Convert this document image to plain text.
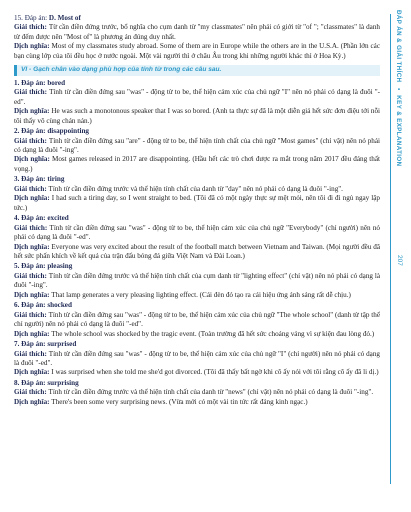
ĐÁP ÁN & GIẢI THÍCH • KEY & EXPLANATION
207

15. Đáp án: D. Most of

Giải thích: Từ cần điền đứng trước, bổ nghĩa cho cụm danh từ "my classmates" nên phải có giới từ "of "; "classmates" là danh từ đếm được nên "Most of" là phương án đúng duy nhất.

Dịch nghĩa: Most of my classmates study abroad. Some of them are in Europe while the others are in the U.S.A. (Phần lớn các bạn cùng lớp của tôi đều học ở nước ngoài. Một vài người thì ở châu Âu trong khi những người khác thì ở Hoa Kỳ.)

VI - Gạch chân vào dạng phù hợp của tính từ trong các câu sau.

1. Đáp án: bored

Giải thích: Tính từ cần điền đứng sau "was" - động từ to be, thể hiện cảm xúc của chủ ngữ "I" nên nó phải có dạng là đuôi "-ed".

Dịch nghĩa: He was such a monotonous speaker that I was so bored. (Anh ta thực sự đã là một diễn giả hết sức đơn điệu tới nỗi tôi thấy vô cùng chán nản.)

2. Đáp án: disappointing

Giải thích: Tính từ cần điền đứng sau "are" - động từ to be, thể hiện tính chất của chủ ngữ "Most games" (chỉ vật) nên nó phải có dạng là đuôi "-ing".

Dịch nghĩa: Most games released in 2017 are disappointing. (Hầu hết các trò chơi được ra mắt trong năm 2017 đều đáng thất vọng.)

3. Đáp án: tiring

Giải thích: Tính từ cần điền đứng trước và thể hiện tính chất của danh từ "day" nên nó phải có dạng là đuôi "-ing".

Dịch nghĩa: I had such a tiring day, so I went straight to bed. (Tôi đã có một ngày thực sự mệt mỏi, nên tôi đi đi ngủ ngay lập tức.)

4. Đáp án: excited

Giải thích: Tính từ cần điền đứng sau "was" - động từ to be, thể hiện cảm xúc của chủ ngữ "Everybody" (chỉ người) nên nó phải có dạng là đuôi "-ed".

Dịch nghĩa: Everyone was very excited about the result of the football match between Vietnam and Taiwan. (Mọi người đều đã hết sức phấn khích về kết quả của trận đấu bóng đá giữa Việt Nam và Đài Loan.)

5. Đáp án: pleasing

Giải thích: Tính từ cần điền đứng trước và thể hiện tính chất của cụm danh từ "lighting effect" (chỉ vật) nên nó phải có dạng là đuôi "-ing".

Dịch nghĩa: That lamp generates a very pleasing lighting effect. (Cái đèn đó tạo ra cái hiệu ứng ánh sáng rất dễ chịu.)

6. Đáp án: shocked

Giải thích: Tính từ cần điền đứng sau "was" - động từ to be, thể hiện cảm xúc của chủ ngữ "The whole school" (danh từ tập thể chỉ người) nên nó phải có dạng là đuôi "-ed".

Dịch nghĩa: The whole school was shocked by the tragic event. (Toàn trường đã hết sức choáng váng vì sự kiện đau lòng đó.)

7. Đáp án: surprised

Giải thích: Tính từ cần điền đứng sau "was" - động từ to be, thể hiện cảm xúc của chủ ngữ "I" (chỉ người) nên nó phải có dạng là đuôi "-ed".

Dịch nghĩa: I was surprised when she told me she'd got divorced. (Tôi đã thấy bất ngờ khi cô ấy nói với tôi rằng cô ấy đã li dị.)

8. Đáp án: surprising

Giải thích: Tính từ cần điền đứng trước và thể hiện tính chất của danh từ "news" (chỉ vật) nên nó phải có dạng là đuôi "-ing".

Dịch nghĩa: There's been some very surprising news. (Vừa mới có một vài tin tức rất đáng kinh ngạc.)
